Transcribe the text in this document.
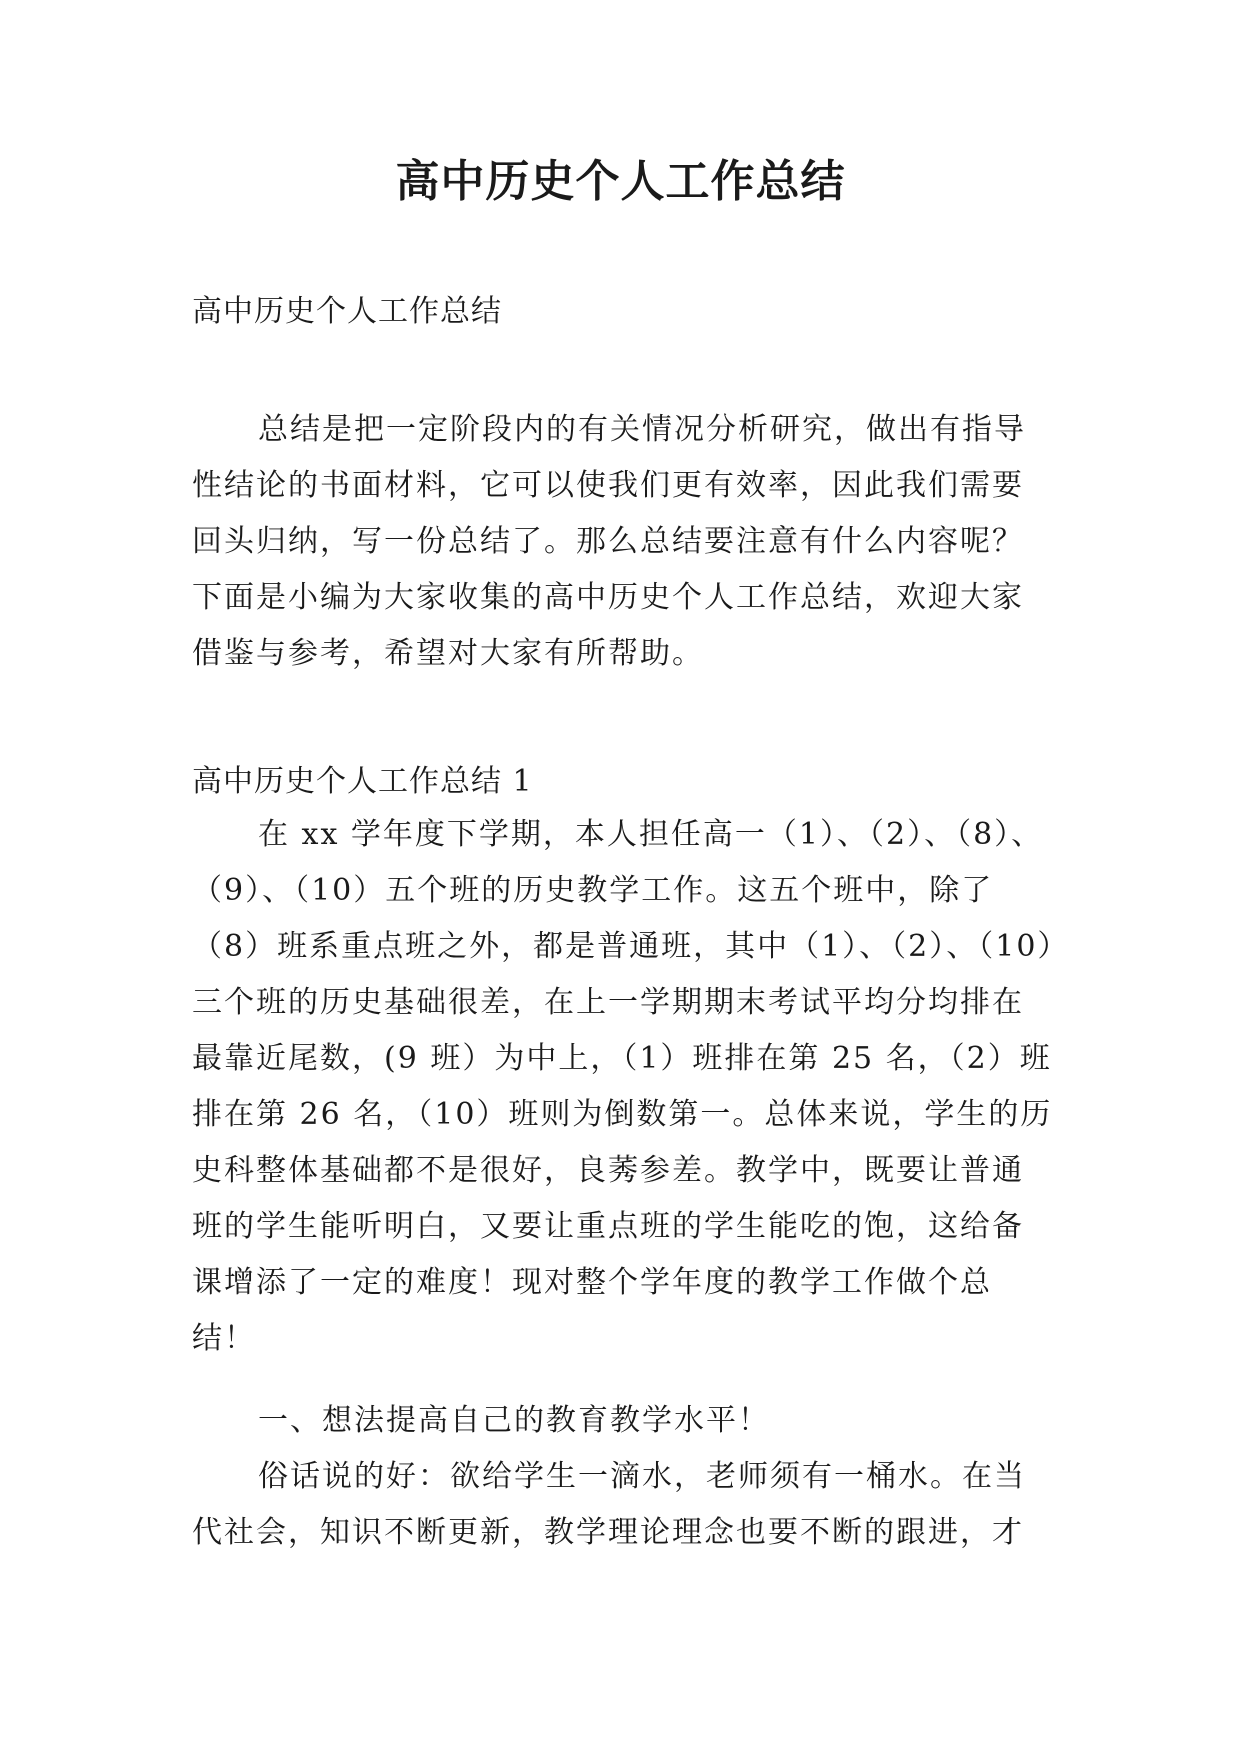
高中历史个人工作总结

高中历史个人工作总结

总结是把一定阶段内的有关情况分析研究，做出有指导
性结论的书面材料，它可以使我们更有效率，因此我们需要
回头归纳，写一份总结了。那么总结要注意有什么内容呢？
下面是小编为大家收集的高中历史个人工作总结，欢迎大家
借鉴与参考，希望对大家有所帮助。

高中历史个人工作总结 1

在 xx 学年度下学期，本人担任高一（1）、（2）、（8）、
（9）、（10）五个班的历史教学工作。这五个班中，除了
（8）班系重点班之外，都是普通班，其中（1）、（2）、（10）
三个班的历史基础很差，在上一学期期末考试平均分均排在
最靠近尾数，(9 班）为中上，（1）班排在第 25 名，（2）班
排在第 26 名，（10）班则为倒数第一。总体来说，学生的历
史科整体基础都不是很好，良莠参差。教学中，既要让普通
班的学生能听明白，又要让重点班的学生能吃的饱，这给备
课增添了一定的难度！现对整个学年度的教学工作做个总
结！
一、想法提高自己的教育教学水平！
俗话说的好：欲给学生一滴水，老师须有一桶水。在当
代社会，知识不断更新，教学理论理念也要不断的跟进，才
